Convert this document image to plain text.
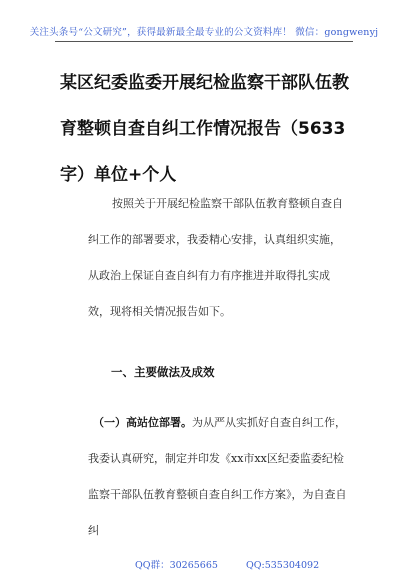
关注头条号“公文研究”，获得最新最全最专业的公文资料库！ 微信：gongwenyj
某区纪委监委开展纪检监察干部队伍教育整顿自查自纠工作情况报告（5633字）单位+个人

按照关于开展纪检监察干部队伍教育整顿自查自纠工作的部署要求，我委精心安排，认真组织实施，从政治上保证自查自纠有力有序推进并取得扎实成效，现将相关情况报告如下。

一、主要做法及成效

（一）高站位部署。为从严从实抓好自查自纠工作，我委认真研究，制定并印发《xx市xx区纪委监委纪检监察干部队伍教育整顿自查自纠工作方案》，为自查自纠

QQ群：30265665	QQ:535304092
